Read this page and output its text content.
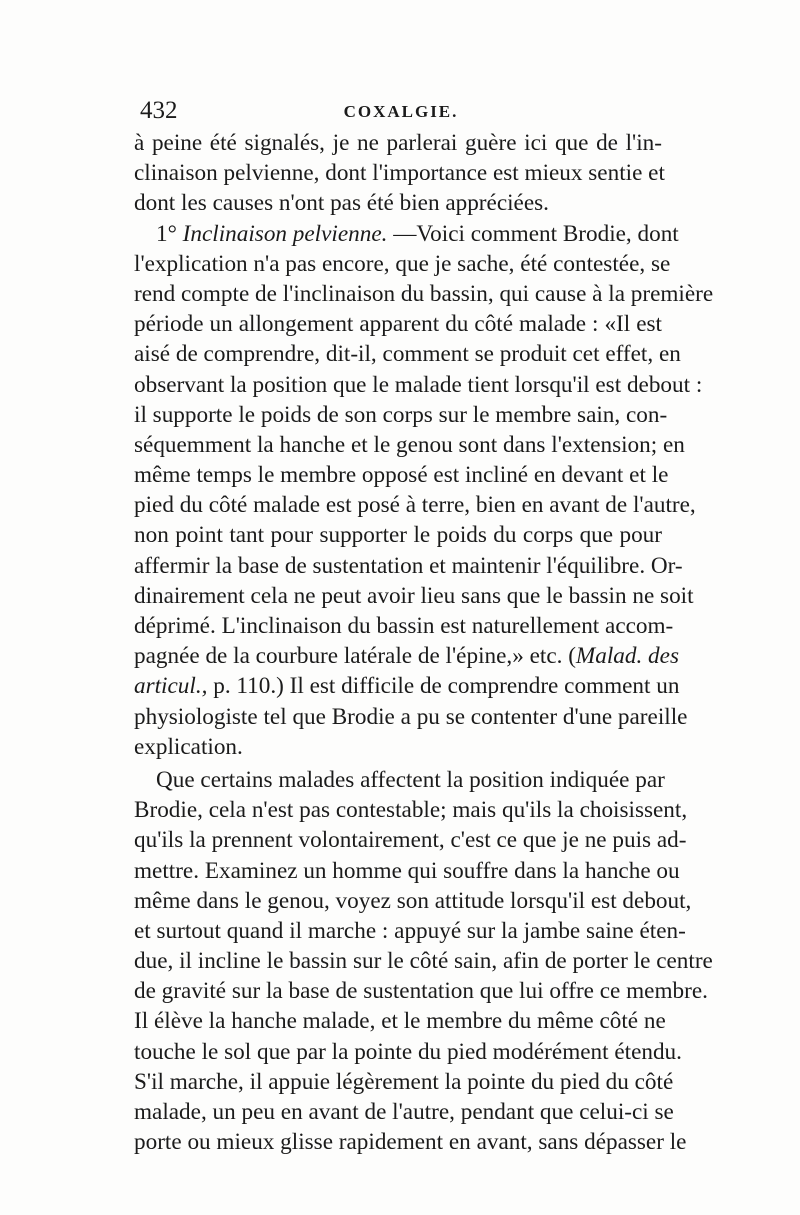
432	COXALGIE.
à peine été signalés, je ne parlerai guère ici que de l'in-
clinaison pelvienne, dont l'importance est mieux sentie et
dont les causes n'ont pas été bien appréciées.
1° Inclinaison pelvienne. —Voici comment Brodie, dont
l'explication n'a pas encore, que je sache, été contestée, se
rend compte de l'inclinaison du bassin, qui cause à la première
période un allongement apparent du côté malade : «Il est
aisé de comprendre, dit-il, comment se produit cet effet, en
observant la position que le malade tient lorsqu'il est debout :
il supporte le poids de son corps sur le membre sain, con-
séquemment la hanche et le genou sont dans l'extension; en
même temps le membre opposé est incliné en devant et le
pied du côté malade est posé à terre, bien en avant de l'autre,
non point tant pour supporter le poids du corps que pour
affermir la base de sustentation et maintenir l'équilibre. Or-
dinairement cela ne peut avoir lieu sans que le bassin ne soit
déprimé. L'inclinaison du bassin est naturellement accom-
pagnée de la courbure latérale de l'épine,» etc. (Malad. des
articul., p. 110.) Il est difficile de comprendre comment un
physiologiste tel que Brodie a pu se contenter d'une pareille
explication.
Que certains malades affectent la position indiquée par
Brodie, cela n'est pas contestable; mais qu'ils la choisissent,
qu'ils la prennent volontairement, c'est ce que je ne puis ad-
mettre. Examinez un homme qui souffre dans la hanche ou
même dans le genou, voyez son attitude lorsqu'il est debout,
et surtout quand il marche : appuyé sur la jambe saine éten-
due, il incline le bassin sur le côté sain, afin de porter le centre
de gravité sur la base de sustentation que lui offre ce membre.
Il élève la hanche malade, et le membre du même côté ne
touche le sol que par la pointe du pied modérément étendu.
S'il marche, il appuie légèrement la pointe du pied du côté
malade, un peu en avant de l'autre, pendant que celui-ci se
porte ou mieux glisse rapidement en avant, sans dépasser le
